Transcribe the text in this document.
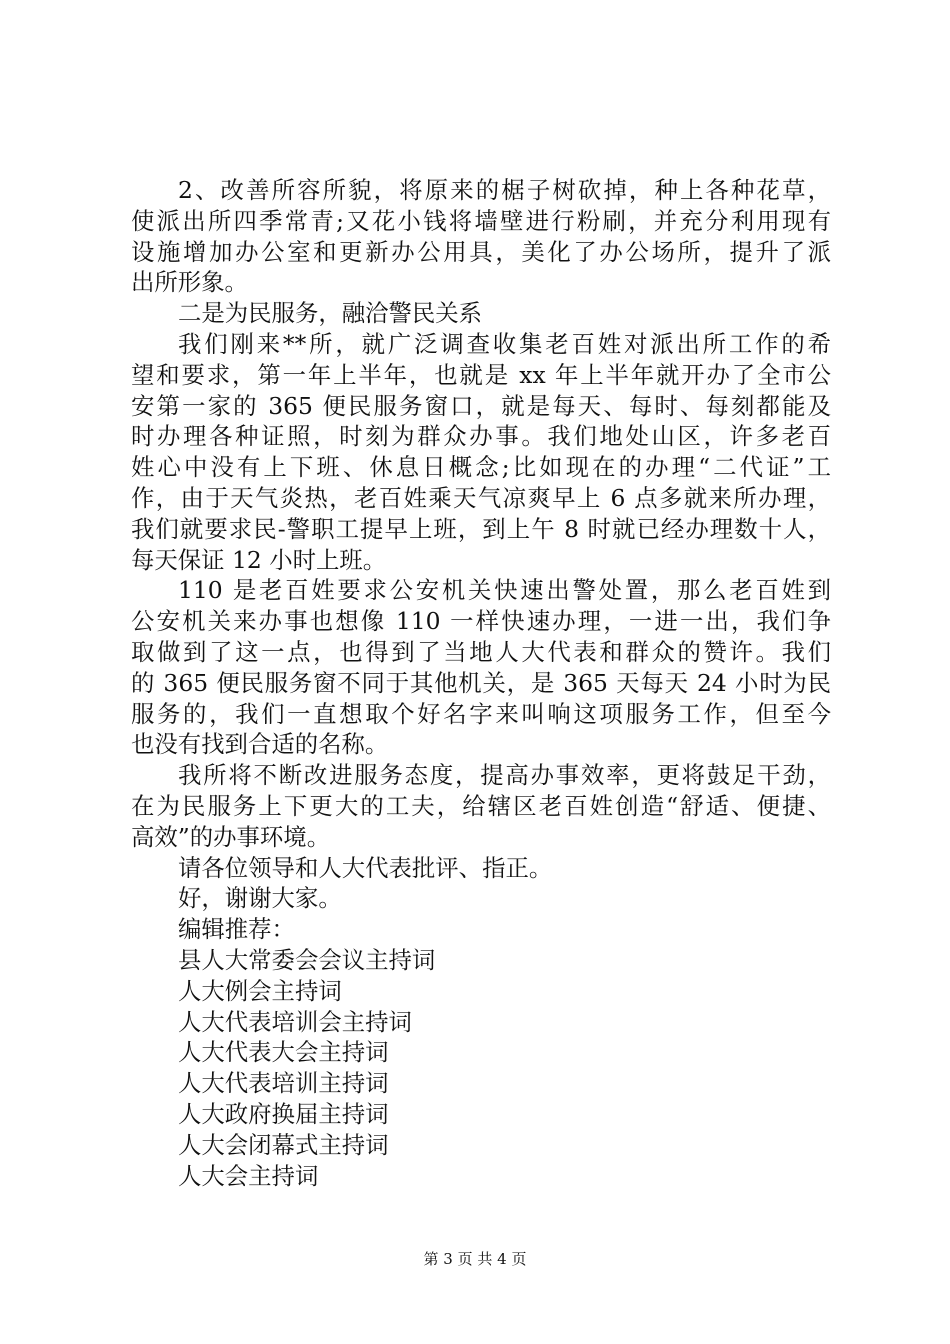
2、改善所容所貌，将原来的椐子树砍掉，种上各种花草，
使派出所四季常青;又花小钱将墙壁进行粉刷，并充分利用现有
设施增加办公室和更新办公用具，美化了办公场所，提升了派
出所形象。
二是为民服务，融洽警民关系
我们刚来**所，就广泛调查收集老百姓对派出所工作的希
望和要求，第一年上半年，也就是 xx 年上半年就开办了全市公
安第一家的 365 便民服务窗口，就是每天、每时、每刻都能及
时办理各种证照，时刻为群众办事。我们地处山区，许多老百
姓心中没有上下班、休息日概念;比如现在的办理“二代证”工
作，由于天气炎热，老百姓乘天气凉爽早上 6 点多就来所办理，
我们就要求民-警职工提早上班，到上午 8 时就已经办理数十人，
每天保证 12 小时上班。
110 是老百姓要求公安机关快速出警处置，那么老百姓到
公安机关来办事也想像 110 一样快速办理，一进一出，我们争
取做到了这一点，也得到了当地人大代表和群众的赞许。我们
的 365 便民服务窗不同于其他机关，是 365 天每天 24 小时为民
服务的，我们一直想取个好名字来叫响这项服务工作，但至今
也没有找到合适的名称。
我所将不断改进服务态度，提高办事效率，更将鼓足干劲，
在为民服务上下更大的工夫，给辖区老百姓创造“舒适、便捷、
高效”的办事环境。
请各位领导和人大代表批评、指正。
好，谢谢大家。
编辑推荐：
县人大常委会会议主持词
人大例会主持词
人大代表培训会主持词
人大代表大会主持词
人大代表培训主持词
人大政府换届主持词
人大会闭幕式主持词
人大会主持词
第 3 页 共 4 页
